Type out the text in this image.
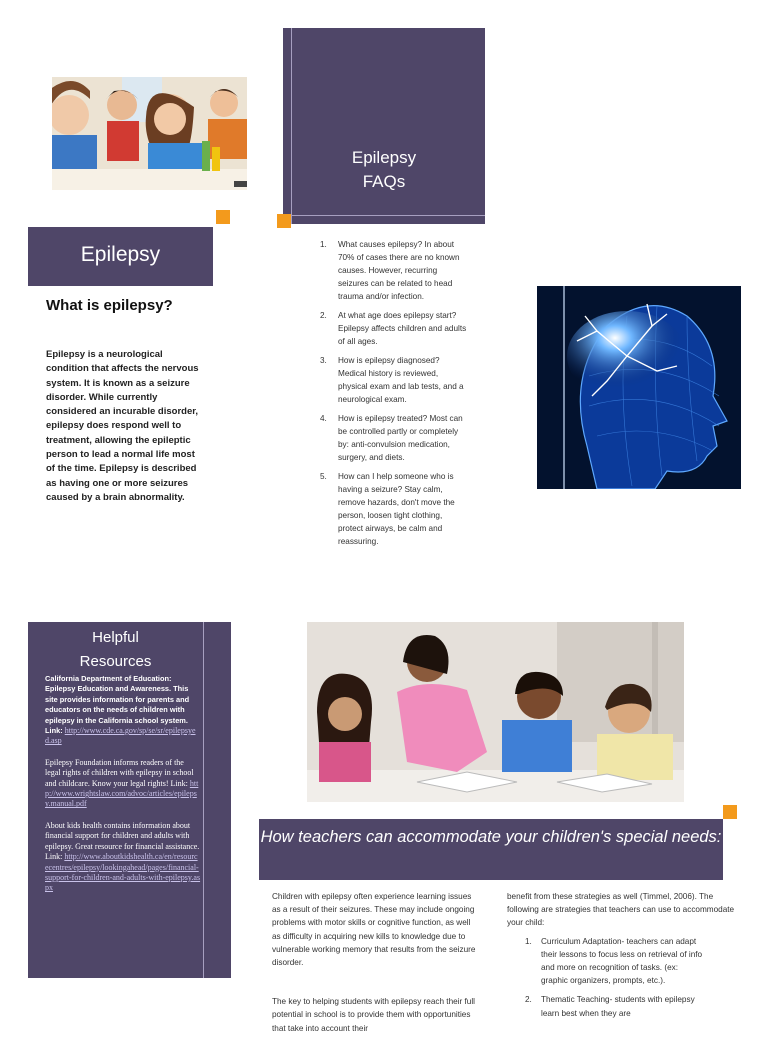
Epilepsy
FAQs
Epilepsy
What is epilepsy?
Epilepsy is a neurological condition that affects the nervous system. It is known as a seizure disorder. While currently considered an incurable disorder, epilepsy does respond well to treatment, allowing the epileptic person to lead a normal life most of the time. Epilepsy is described as having one or more seizures caused by a brain abnormality.
1. What causes epilepsy? In about 70% of cases there are no known causes. However, recurring seizures can be related to head trauma and/or infection.
2. At what age does epilepsy start? Epilepsy affects children and adults of all ages.
3. How is epilepsy diagnosed? Medical history is reviewed, physical exam and lab tests, and a neurological exam.
4. How is epilepsy treated? Most can be controlled partly or completely by: anti-convulsion medication, surgery, and diets.
5. How can I help someone who is having a seizure? Stay calm, remove hazards, don't move the person, loosen tight clothing, protect airways, be calm and reassuring.
Helpful
Resources

California Department of Education: Epilepsy Education and Awareness. This site provides information for parents and educators on the needs of children with epilepsy in the California school system. Link: http://www.cde.ca.gov/sp/se/sr/epilepsyed.asp

Epilepsy Foundation informs readers of the legal rights of children with epilepsy in school and childcare. Know your legal rights! Link: http://www.wrightslaw.com/advoc/articles/epilepsy.manual.pdf

About kids health contains information about financial support for children and adults with epilepsy. Great resource for financial assistance. Link: http://www.aboutkidshealth.ca/en/resourcecentres/epilepsy/lookingahead/pages/financial-support-for-children-and-adults-with-epilepsy.aspx

How teachers can accommodate your children's special needs:

Children with epilepsy often experience learning issues as a result of their seizures. These may include ongoing problems with motor skills or cognitive function, as well as difficulty in acquiring new kills to knowledge due to vulnerable working memory that results from the seizure disorder.

The key to helping students with epilepsy reach their full potential in school is to provide them with opportunities that take into account their

benefit from these strategies as well (Timmel, 2006). The following are strategies that teachers can use to accommodate your child:

1. Curriculum Adaptation- teachers can adapt their lessons to focus less on retrieval of info and more on recognition of tasks. (ex: graphic organizers, prompts, etc.).
2. Thematic Teaching- students with epilepsy learn best when they are
